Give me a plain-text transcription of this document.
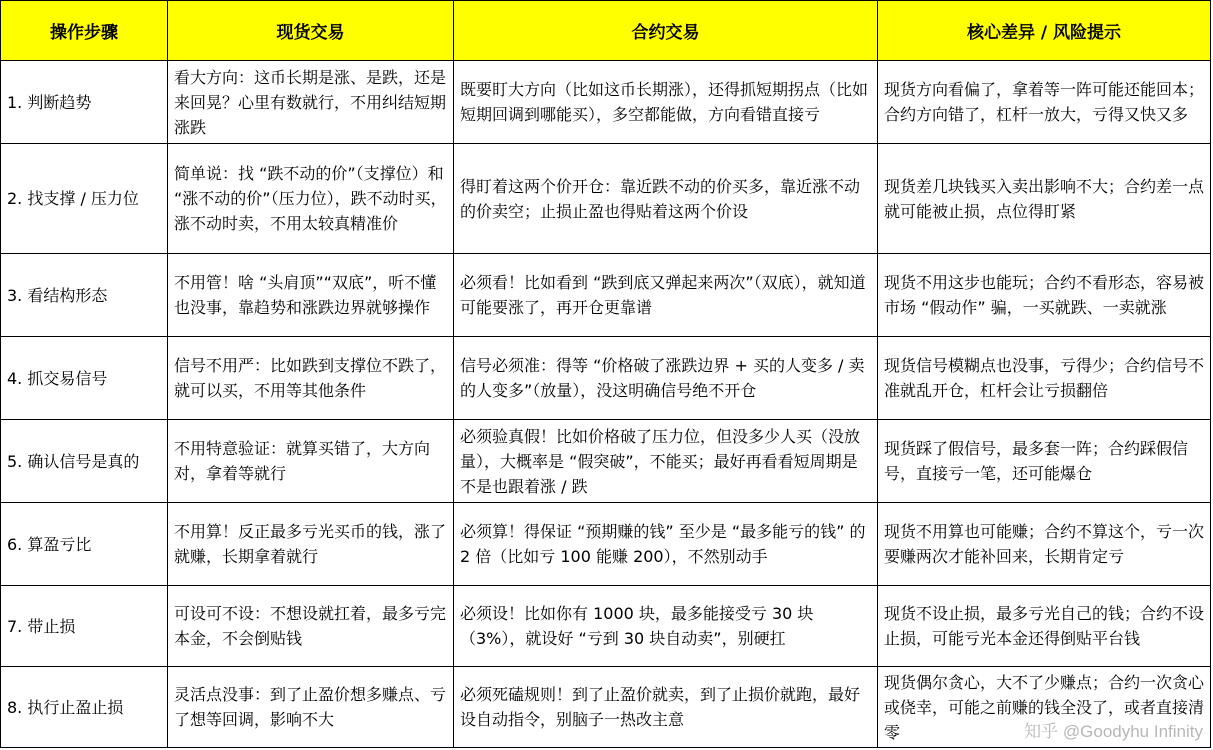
操作步骤	现货交易	合约交易	核心差异 / 风险提示
1. 判断趋势	看大方向：这币长期是涨、是跌，还是来回晃？心里有数就行，不用纠结短期涨跌	既要盯大方向（比如这币长期涨），还得抓短期拐点（比如短期回调到哪能买），多空都能做，方向看错直接亏	现货方向看偏了，拿着等一阵可能还能回本；合约方向错了，杠杆一放大，亏得又快又多
2. 找支撑 / 压力位	简单说：找 “跌不动的价”（支撑位）和 “涨不动的价”（压力位），跌不动时买，涨不动时卖，不用太较真精准价	得盯着这两个价开仓：靠近跌不动的价买多，靠近涨不动的价卖空；止损止盈也得贴着这两个价设	现货差几块钱买入卖出影响不大；合约差一点就可能被止损，点位得盯紧
3. 看结构形态	不用管！啥 “头肩顶”“双底”，听不懂也没事，靠趋势和涨跌边界就够操作	必须看！比如看到 “跌到底又弹起来两次”（双底），就知道可能要涨了，再开仓更靠谱	现货不用这步也能玩；合约不看形态，容易被市场 “假动作” 骗，一买就跌、一卖就涨
4. 抓交易信号	信号不用严：比如跌到支撑位不跌了，就可以买，不用等其他条件	信号必须准：得等 “价格破了涨跌边界 + 买的人变多 / 卖的人变多”（放量），没这明确信号绝不开仓	现货信号模糊点也没事，亏得少；合约信号不准就乱开仓，杠杆会让亏损翻倍
5. 确认信号是真的	不用特意验证：就算买错了，大方向对，拿着等就行	必须验真假！比如价格破了压力位，但没多少人买（没放量），大概率是 “假突破”，不能买；最好再看看短周期是不是也跟着涨 / 跌	现货踩了假信号，最多套一阵；合约踩假信号，直接亏一笔，还可能爆仓
6. 算盈亏比	不用算！反正最多亏光买币的钱，涨了就赚，长期拿着就行	必须算！得保证 “预期赚的钱” 至少是 “最多能亏的钱” 的 2 倍（比如亏 100 能赚 200），不然别动手	现货不用算也可能赚；合约不算这个，亏一次要赚两次才能补回来，长期肯定亏
7. 带止损	可设可不设：不想设就扛着，最多亏完本金，不会倒贴钱	必须设！比如你有 1000 块，最多能接受亏 30 块（3%），就设好 “亏到 30 块自动卖”，别硬扛	现货不设止损，最多亏光自己的钱；合约不设止损，可能亏光本金还得倒贴平台钱
8. 执行止盈止损	灵活点没事：到了止盈价想多赚点、亏了想等回调，影响不大	必须死磕规则！到了止盈价就卖，到了止损价就跑，最好设自动指令，别脑子一热改主意	现货偶尔贪心，大不了少赚点；合约一次贪心或侥幸，可能之前赚的钱全没了，或者直接清零	知乎 @Goodyhu Infinity
